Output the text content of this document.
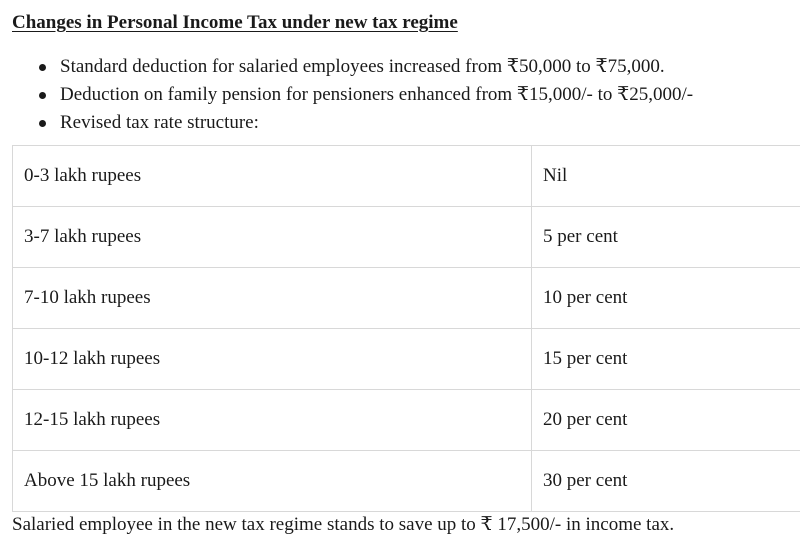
Changes in Personal Income Tax under new tax regime
Standard deduction for salaried employees increased from ₹50,000 to ₹75,000.
Deduction on family pension for pensioners enhanced from ₹15,000/- to ₹25,000/-
Revised tax rate structure:
0-3 lakh rupees	Nil
3-7 lakh rupees	5 per cent
7-10 lakh rupees	10 per cent
10-12 lakh rupees	15 per cent
12-15 lakh rupees	20 per cent
Above 15 lakh rupees	30 per cent
Salaried employee in the new tax regime stands to save up to ₹ 17,500/- in income tax.
